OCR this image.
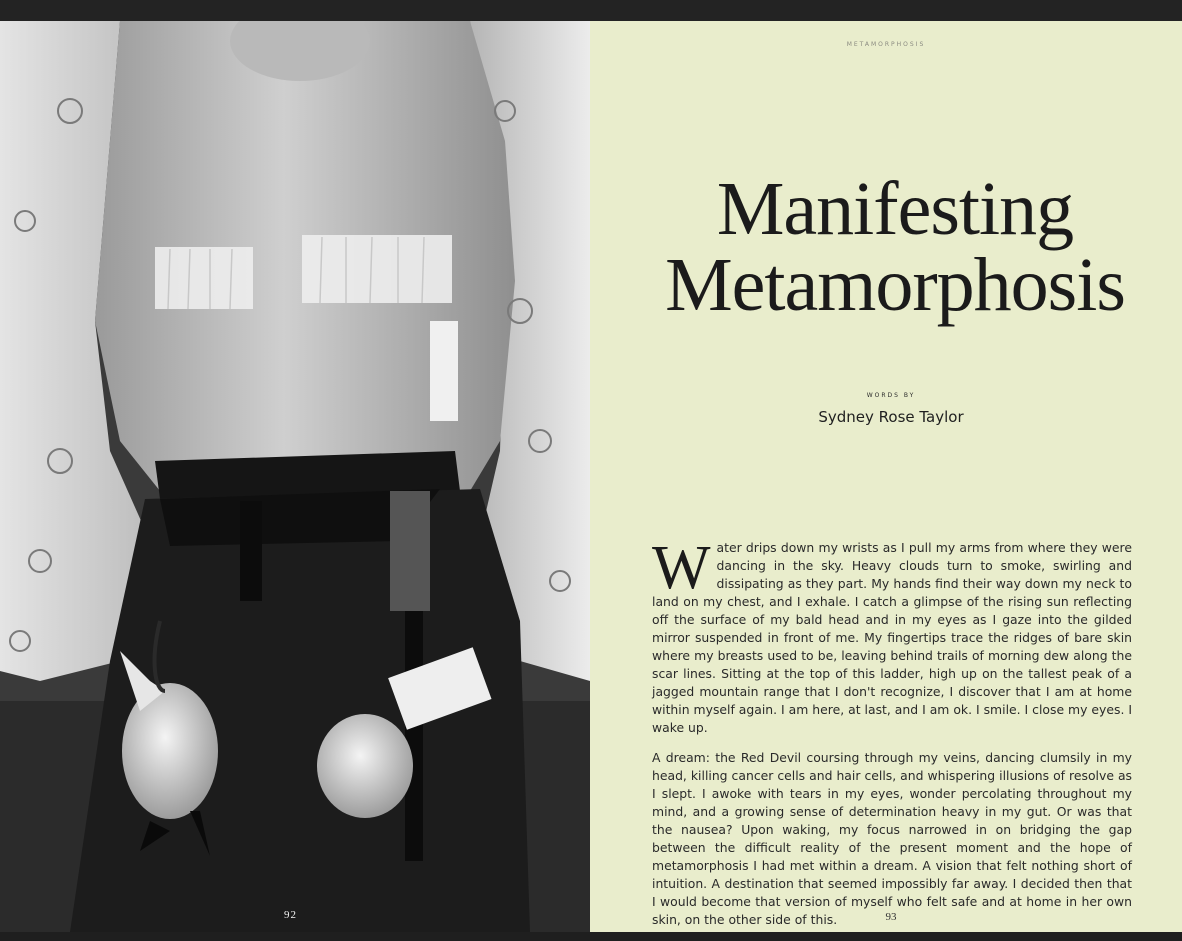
92
METAMORPHOSIS
Manifesting
Metamorphosis
WORDS BY
Sydney Rose Taylor

Water drips down my wrists as I pull my arms from where they were dancing in the sky. Heavy clouds turn to smoke, swirling and dissipating as they part. My hands find their way down my neck to land on my chest, and I exhale. I catch a glimpse of the rising sun reflecting off the surface of my bald head and in my eyes as I gaze into the gilded mirror suspended in front of me. My fingertips trace the ridges of bare skin where my breasts used to be, leaving behind trails of morning dew along the scar lines. Sitting at the top of this ladder, high up on the tallest peak of a jagged mountain range that I don't recognize, I discover that I am at home within myself again. I am here, at last, and I am ok. I smile. I close my eyes. I wake up.

A dream: the Red Devil coursing through my veins, dancing clumsily in my head, killing cancer cells and hair cells, and whispering illusions of resolve as I slept. I awoke with tears in my eyes, wonder percolating throughout my mind, and a growing sense of determination heavy in my gut. Or was that the nausea? Upon waking, my focus narrowed in on bridging the gap between the difficult reality of the present moment and the hope of metamorphosis I had met within a dream. A vision that felt nothing short of intuition. A destination that seemed impossibly far away. I decided then that I would become that version of myself who felt safe and at home in her own skin, on the other side of this.	93
